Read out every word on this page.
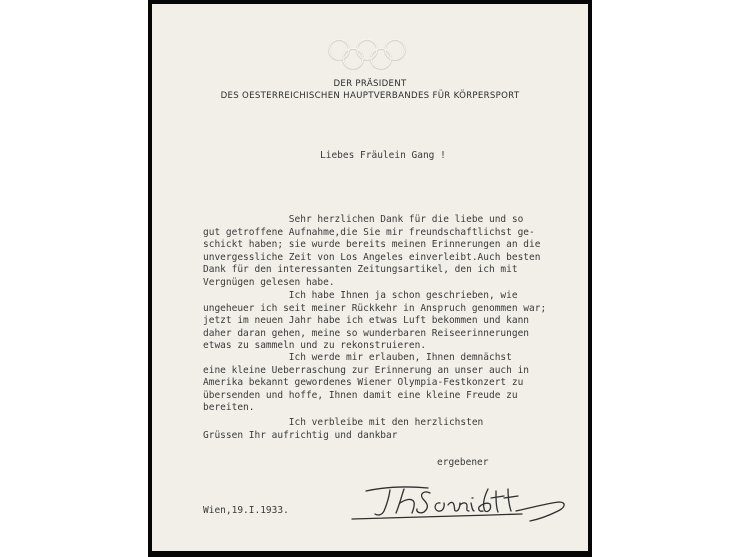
DER PRÄSIDENT
DES OESTERREICHISCHEN HAUPTVERBANDES FÜR KÖRPERSPORT
Liebes Fräulein Gang !
Sehr herzlichen Dank für die liebe und so
gut getroffene Aufnahme,die Sie mir freundschaftlichst ge-
schickt haben; sie wurde bereits meinen Erinnerungen an die
unvergessliche Zeit von Los Angeles einverleibt.Auch besten
Dank für den interessanten Zeitungsartikel, den ich mit
Vergnügen gelesen habe.
Ich habe Ihnen ja schon geschrieben, wie
ungeheuer ich seit meiner Rückkehr in Anspruch genommen war;
jetzt im neuen Jahr habe ich etwas Luft bekommen und kann
daher daran gehen, meine so wunderbaren Reiseerinnerungen
etwas zu sammeln und zu rekonstruieren.
Ich werde mir erlauben, Ihnen demnächst
eine kleine Ueberraschung zur Erinnerung an unser auch in
Amerika bekannt gewordenes Wiener Olympia-Festkonzert zu
übersenden und hoffe, Ihnen damit eine kleine Freude zu
bereiten.
Ich verbleibe mit den herzlichsten
Grüssen Ihr aufrichtig und dankbar
ergebener
Wien,19.I.1933.
